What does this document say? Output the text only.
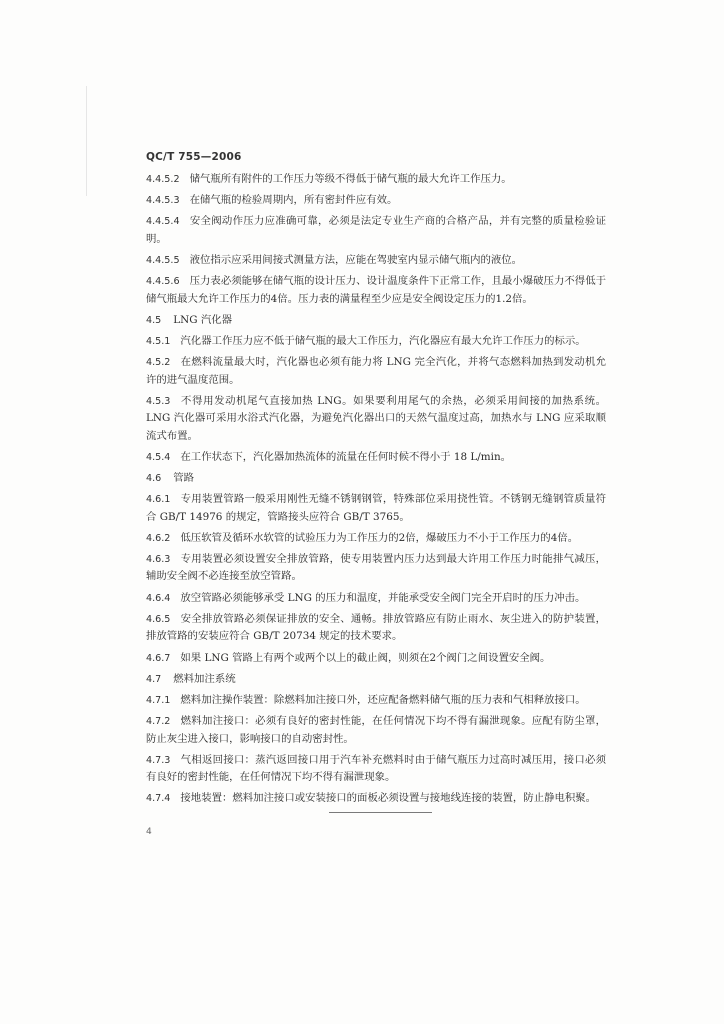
QC/T 755—2006

4.4.5.2 储气瓶所有附件的工作压力等级不得低于储气瓶的最大允许工作压力。

4.4.5.3 在储气瓶的检验周期内，所有密封件应有效。

4.4.5.4 安全阀动作压力应准确可靠，必须是法定专业生产商的合格产品，并有完整的质量检验证明。

4.4.5.5 液位指示应采用间接式测量方法，应能在驾驶室内显示储气瓶内的液位。

4.4.5.6 压力表必须能够在储气瓶的设计压力、设计温度条件下正常工作，且最小爆破压力不得低于储气瓶最大允许工作压力的4倍。压力表的满量程至少应是安全阀设定压力的1.2倍。

4.5 LNG 汽化器

4.5.1 汽化器工作压力应不低于储气瓶的最大工作压力，汽化器应有最大允许工作压力的标示。

4.5.2 在燃料流量最大时，汽化器也必须有能力将 LNG 完全汽化，并将气态燃料加热到发动机允许的进气温度范围。

4.5.3 不得用发动机尾气直接加热 LNG。如果要利用尾气的余热，必须采用间接的加热系统。LNG 汽化器可采用水浴式汽化器，为避免汽化器出口的天然气温度过高，加热水与 LNG 应采取顺流式布置。

4.5.4 在工作状态下，汽化器加热流体的流量在任何时候不得小于 18 L/min。

4.6 管路

4.6.1 专用装置管路一般采用刚性无缝不锈钢钢管，特殊部位采用挠性管。不锈钢无缝钢管质量符合 GB/T 14976 的规定，管路接头应符合 GB/T 3765。

4.6.2 低压软管及循环水软管的试验压力为工作压力的2倍，爆破压力不小于工作压力的4倍。

4.6.3 专用装置必须设置安全排放管路，使专用装置内压力达到最大许用工作压力时能排气减压，辅助安全阀不必连接至放空管路。

4.6.4 放空管路必须能够承受 LNG 的压力和温度，并能承受安全阀门完全开启时的压力冲击。

4.6.5 安全排放管路必须保证排放的安全、通畅。排放管路应有防止雨水、灰尘进入的防护装置，排放管路的安装应符合 GB/T 20734 规定的技术要求。

4.6.7 如果 LNG 管路上有两个或两个以上的截止阀，则须在2个阀门之间设置安全阀。

4.7 燃料加注系统

4.7.1 燃料加注操作装置：除燃料加注接口外，还应配备燃料储气瓶的压力表和气相释放接口。

4.7.2 燃料加注接口：必须有良好的密封性能，在任何情况下均不得有漏泄现象。应配有防尘罩，防止灰尘进入接口，影响接口的自动密封性。

4.7.3 气相返回接口：蒸汽返回接口用于汽车补充燃料时由于储气瓶压力过高时减压用，接口必须有良好的密封性能，在任何情况下均不得有漏泄现象。

4.7.4 接地装置：燃料加注接口或安装接口的面板必须设置与接地线连接的装置，防止静电积聚。

4
